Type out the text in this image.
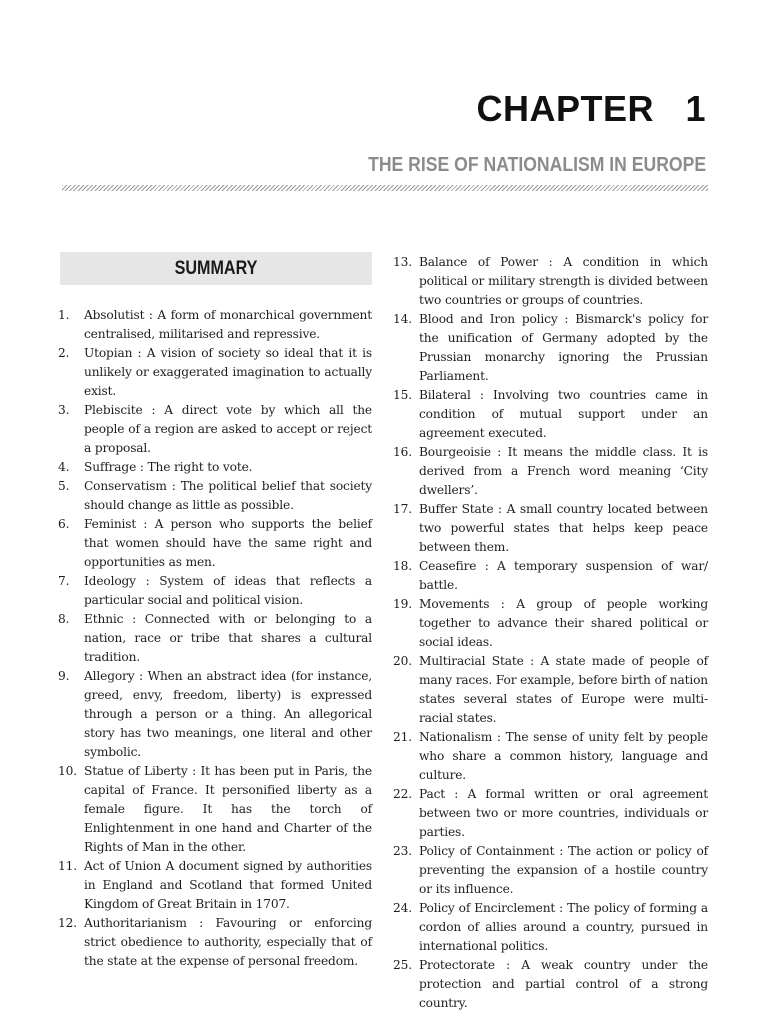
CHAPTER   1
THE RISE OF NATIONALISM IN EUROPE
SUMMARY
1.	Absolutist : A form of monarchical government centralised, militarised and repressive.
2.	Utopian : A vision of society so ideal that it is unlikely or exaggerated imagination to actually exist.
3.	Plebiscite : A direct vote by which all the people of a region are asked to accept or reject a proposal.
4.	Suffrage : The right to vote.
5.	Conservatism : The political belief that society should change as little as possible.
6.	Feminist : A person who supports the belief that women should have the same right and opportunities as men.
7.	Ideology : System of ideas that reflects a particular social and political vision.
8.	Ethnic : Connected with or belonging to a nation, race or tribe that shares a cultural tradition.
9.	Allegory : When an abstract idea (for instance, greed, envy, freedom, liberty) is expressed through a person or a thing. An allegorical story has two meanings, one literal and other symbolic.
10. Statue of Liberty : It has been put in Paris, the capital of France. It personified liberty as a female figure. It has the torch of Enlightenment in one hand and Charter of the Rights of Man in the other.
11. Act of Union A document signed by authorities in England and Scotland that formed United Kingdom of Great Britain in 1707.
12. Authoritarianism : Favouring or enforcing strict obedience to authority, especially that of the state at the expense of personal freedom.
13. Balance of Power : A condition in which political or military strength is divided between two countries or groups of countries.
14. Blood and Iron policy : Bismarck's policy for the unification of Germany adopted by the Prussian monarchy ignoring the Prussian Parliament.
15. Bilateral : Involving two countries came in condition of mutual support under an agreement executed.
16. Bourgeoisie : It means the middle class. It is derived from a French word meaning ‘City dwellers’.
17. Buffer State : A small country located between two powerful states that helps keep peace between them.
18. Ceasefire : A temporary suspension of war/ battle.
19. Movements : A group of people working together to advance their shared political or social ideas.
20. Multiracial State : A state made of people of many races. For example, before birth of nation states several states of Europe were multi-racial states.
21. Nationalism : The sense of unity felt by people who share a common history, language and culture.
22. Pact : A formal written or oral agreement between two or more countries, individuals or parties.
23. Policy of Containment : The action or policy of preventing the expansion of a hostile country or its influence.
24. Policy of Encirclement : The policy of forming a cordon of allies around a country, pursued in international politics.
25. Protectorate : A weak country under the protection and partial control of a strong country.
